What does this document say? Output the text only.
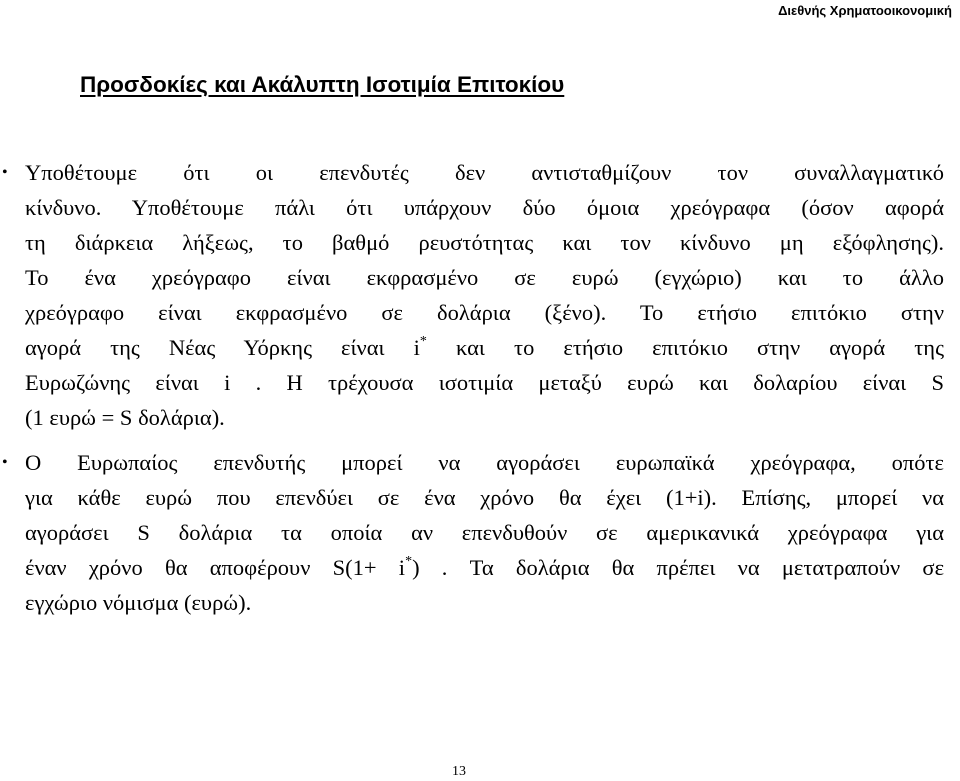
Διεθνής Χρηματοοικονομική
Προσδοκίες και Ακάλυπτη Ισοτιμία Επιτοκίου
• Υποθέτουμε ότι οι επενδυτές δεν αντισταθμίζουν τον συναλλαγματικό
κίνδυνο. Υποθέτουμε πάλι ότι υπάρχουν δύο όμοια χρεόγραφα (όσον αφορά
τη διάρκεια λήξεως, το βαθμό ρευστότητας και τον κίνδυνο μη εξόφλησης).
Το ένα χρεόγραφο είναι εκφρασμένο σε ευρώ (εγχώριο) και το άλλο
χρεόγραφο είναι εκφρασμένο σε δολάρια (ξένο). Το ετήσιο επιτόκιο στην
αγορά της Νέας Υόρκης είναι i* και το ετήσιο επιτόκιο στην αγορά της
Ευρωζώνης είναι i . Η τρέχουσα ισοτιμία μεταξύ ευρώ και δολαρίου είναι S
(1 ευρώ = S δολάρια).
• Ο Ευρωπαίος επενδυτής μπορεί να αγοράσει ευρωπαϊκά χρεόγραφα, οπότε
για κάθε ευρώ που επενδύει σε ένα χρόνο θα έχει (1+i). Επίσης, μπορεί να
αγοράσει S δολάρια τα οποία αν επενδυθούν σε αμερικανικά χρεόγραφα για
έναν χρόνο θα αποφέρουν S(1+ i*) . Τα δολάρια θα πρέπει να μετατραπούν σε
εγχώριο νόμισμα (ευρώ).
13
